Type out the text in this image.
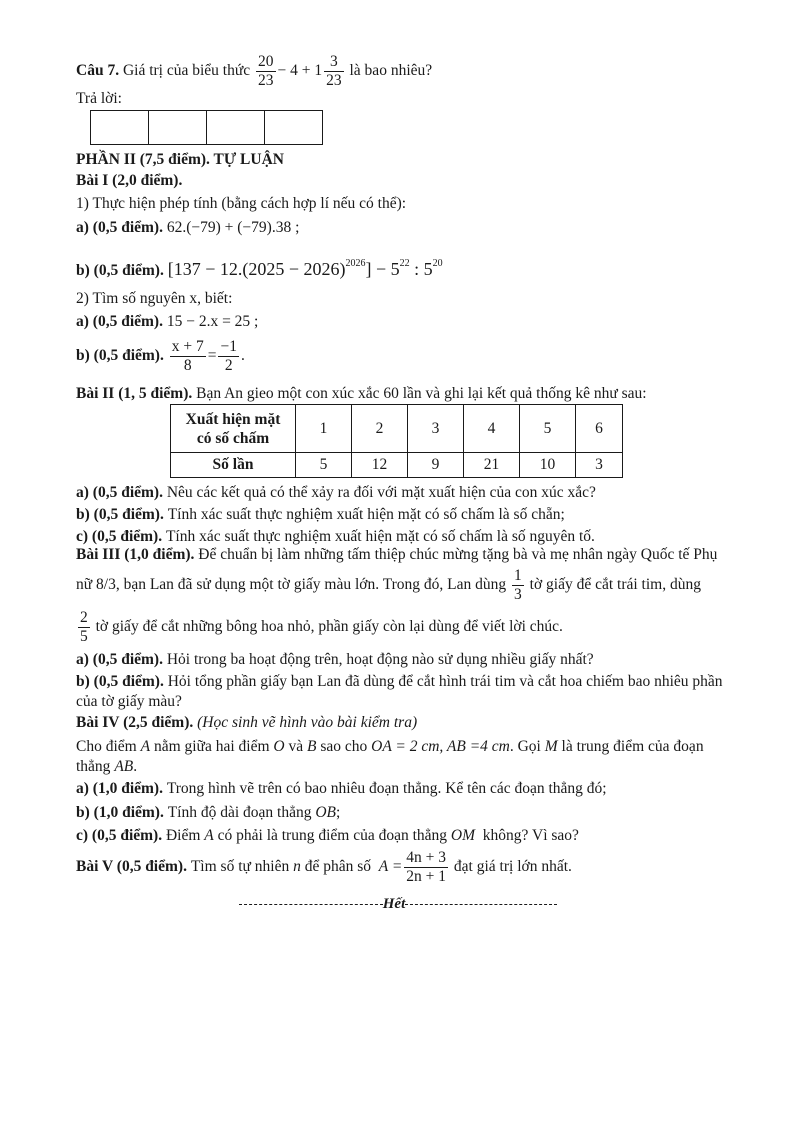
Câu 7.
Giá trị của biểu thức
$\frac{20}{23} - 4 + 1 \frac{3}{23}$
là bao nhiêu?
Trả lời:
PHẦN II (7,5 điểm). TỰ LUẬN
Bài I (2,0 điểm).
1) Thực hiện phép tính (bằng cách hợp lí nếu có thể):
a) (0,5 điểm). 62.(−79) + (−79).38 ;
b) (0,5 điểm). $[137 - 12.(2025 - 2026)^{2026}] - 5^{22}$ : $5^{20}$
2) Tìm số nguyên x, biết:
a) (0,5 điểm). 15 − 2.x = 25 ;
b) (0,5 điểm).
$\frac{x + 7}{8} = \frac{-1}{2}$ .
Bài II (1, 5 điểm). Bạn An gieo một con xúc xắc 60 lần và ghi lại kết quả thống kê như sau:
Xuất hiện mặt
có số chấm	1	2	3	4	5	6
Số lần	5	12	9	21	10	3
a) (0,5 điểm). Nêu các kết quả có thể xảy ra đối với mặt xuất hiện của con xúc xắc?
b) (0,5 điểm). Tính xác suất thực nghiệm xuất hiện mặt có số chấm là số chẵn;
c) (0,5 điểm). Tính xác suất thực nghiệm xuất hiện mặt có số chấm là số nguyên tố.
Bài III (1,0 điểm). Để chuẩn bị làm những tấm thiệp chúc mừng tặng bà và mẹ nhân ngày Quốc tế Phụ
nữ 8/3, bạn Lan đã sử dụng một tờ giấy màu lớn. Trong đó, Lan dùng
$\frac{1}{3}$
tờ giấy để cắt trái tim, dùng
$\frac{2}{5}$
tờ giấy để cắt những bông hoa nhỏ, phần giấy còn lại dùng để viết lời chúc.
a) (0,5 điểm). Hỏi trong ba hoạt động trên, hoạt động nào sử dụng nhiều giấy nhất?
b) (0,5 điểm). Hỏi tổng phần giấy bạn Lan đã dùng để cắt hình trái tim và cắt hoa chiếm bao nhiêu phần
của tờ giấy màu?
Bài IV (2,5 điểm). (Học sinh vẽ hình vào bài kiểm tra)
Cho điểm A nằm giữa hai điểm O và B sao cho OA = 2 cm, AB =4 cm. Gọi M là trung điểm của đoạn
thẳng AB.
a) (1,0 điểm). Trong hình vẽ trên có bao nhiêu đoạn thẳng. Kể tên các đoạn thẳng đó;
b) (1,0 điểm). Tính độ dài đoạn thẳng OB;
c) (0,5 điểm). Điểm A có phải là trung điểm của đoạn thẳng OM không? Vì sao?
Bài V (0,5 điểm).
Tìm số tự nhiên
n
để phân số
$A = \frac{4n + 3}{2n + 1}$
đạt giá trị lớn nhất.
Hết
